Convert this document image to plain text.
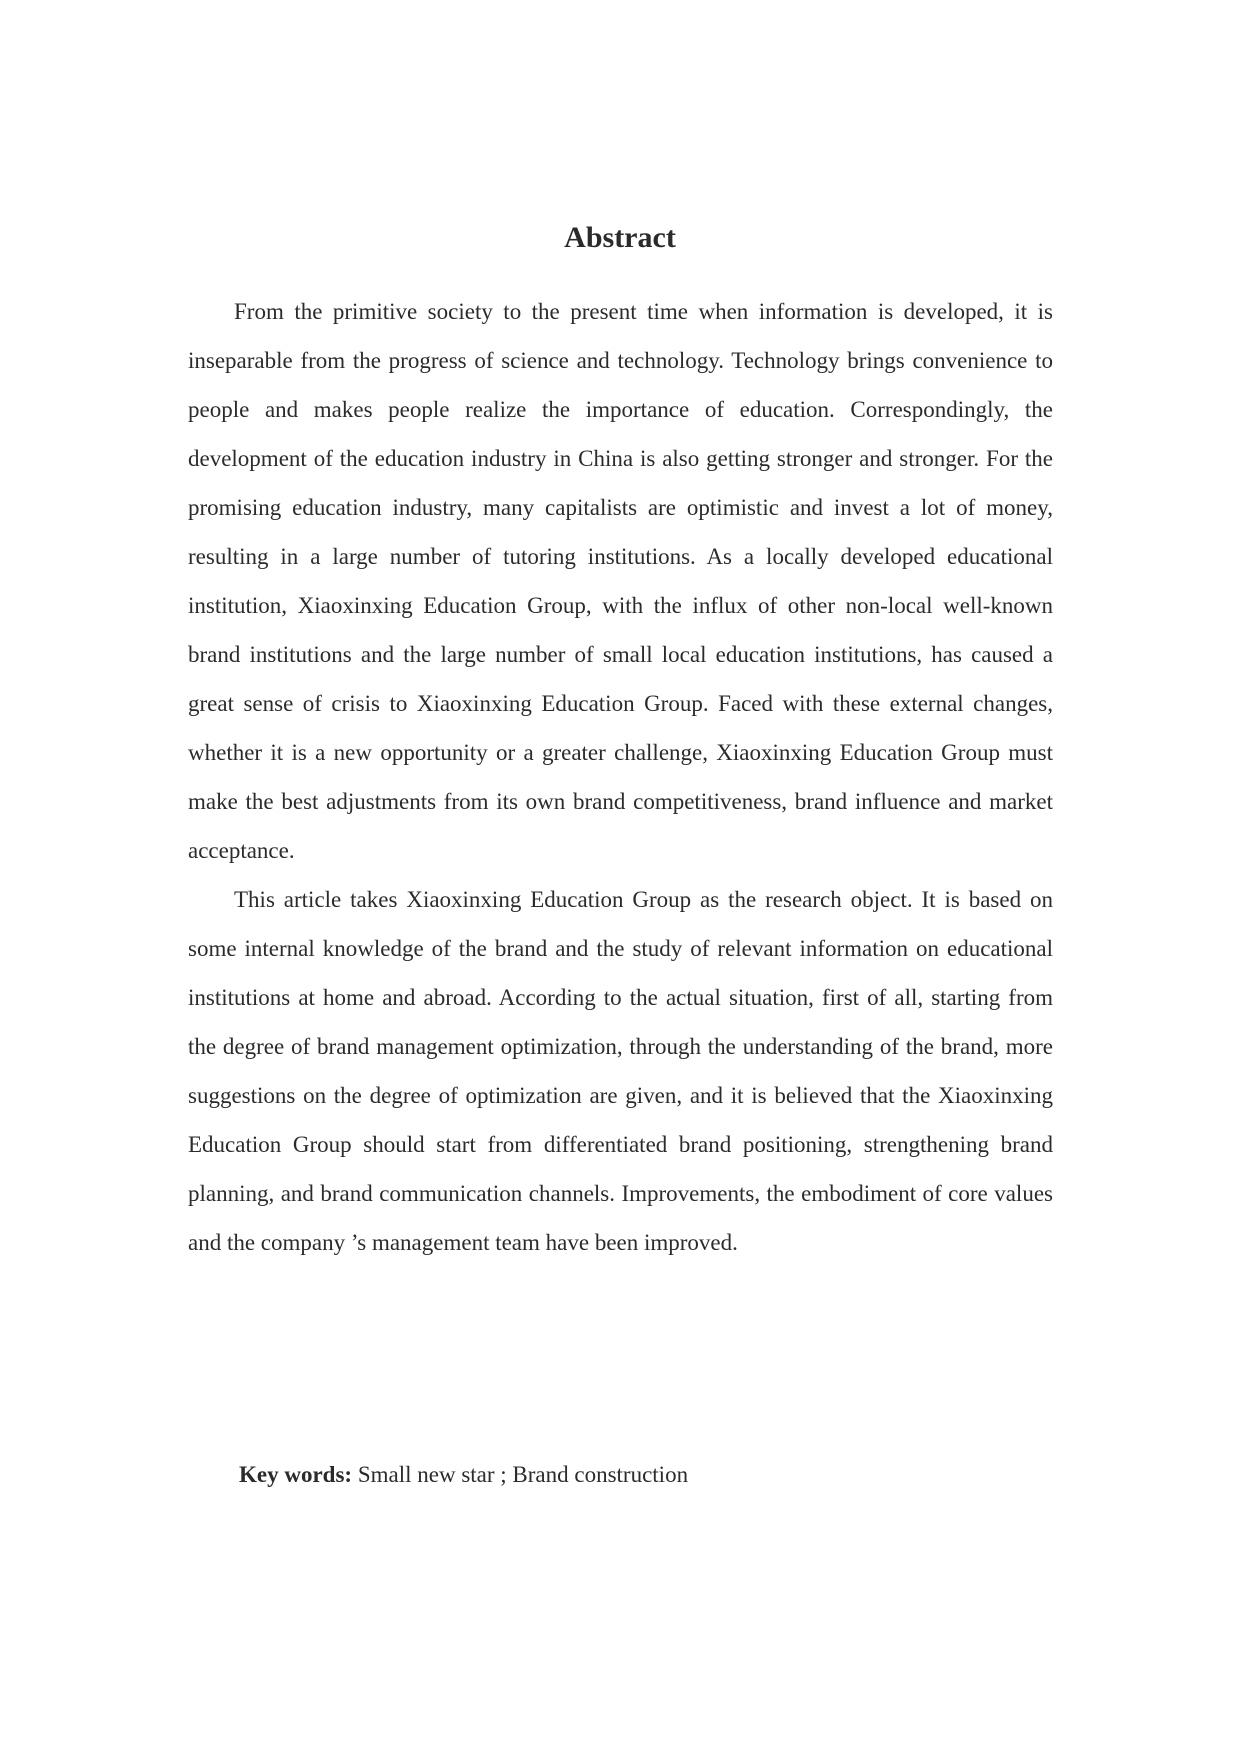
Abstract

From the primitive society to the present time when information is developed, it is inseparable from the progress of science and technology. Technology brings convenience to people and makes people realize the importance of education. Correspondingly, the development of the education industry in China is also getting stronger and stronger. For the promising education industry, many capitalists are optimistic and invest a lot of money, resulting in a large number of tutoring institutions. As a locally developed educational institution, Xiaoxinxing Education Group, with the influx of other non-local well-known brand institutions and the large number of small local education institutions, has caused a great sense of crisis to Xiaoxinxing Education Group. Faced with these external changes, whether it is a new opportunity or a greater challenge, Xiaoxinxing Education Group must make the best adjustments from its own brand competitiveness, brand influence and market acceptance.

This article takes Xiaoxinxing Education Group as the research object. It is based on some internal knowledge of the brand and the study of relevant information on educational institutions at home and abroad. According to the actual situation, first of all, starting from the degree of brand management optimization, through the understanding of the brand, more suggestions on the degree of optimization are given, and it is believed that the Xiaoxinxing Education Group should start from differentiated brand positioning, strengthening brand planning, and brand communication channels. Improvements, the embodiment of core values and the company ’s management team have been improved.

Key words: Small new star ; Brand construction
